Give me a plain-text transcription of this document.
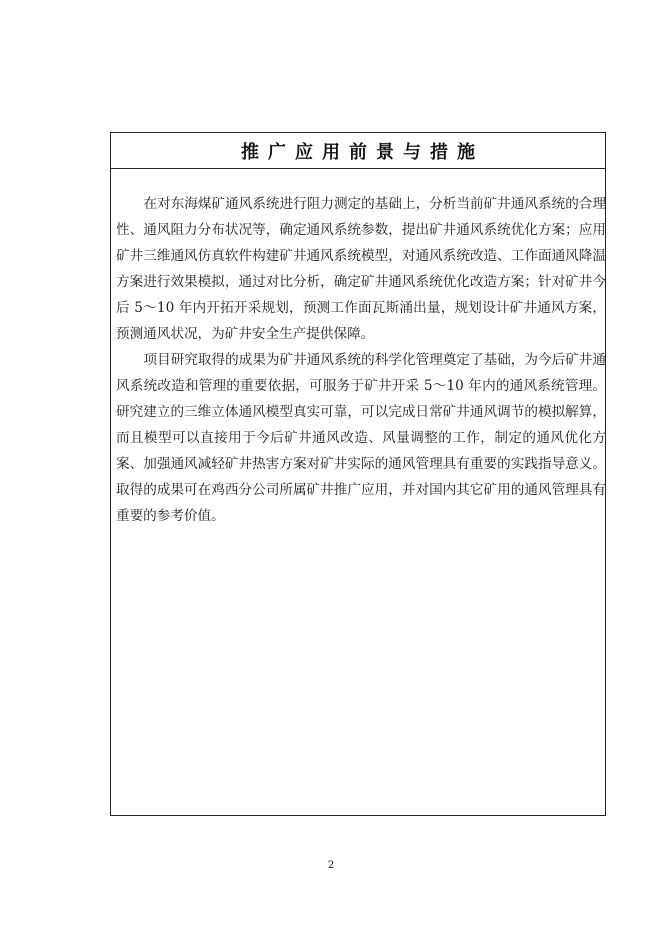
推广应用前景与措施

在对东海煤矿通风系统进行阻力测定的基础上，分析当前矿井通风系统的合理性、通风阻力分布状况等，确定通风系统参数，提出矿井通风系统优化方案；应用矿井三维通风仿真软件构建矿井通风系统模型，对通风系统改造、工作面通风降温方案进行效果模拟，通过对比分析，确定矿井通风系统优化改造方案；针对矿井今后 5～10 年内开拓开采规划，预测工作面瓦斯涌出量，规划设计矿井通风方案，预测通风状况，为矿井安全生产提供保障。

项目研究取得的成果为矿井通风系统的科学化管理奠定了基础，为今后矿井通风系统改造和管理的重要依据，可服务于矿井开采 5～10 年内的通风系统管理。研究建立的三维立体通风模型真实可靠，可以完成日常矿井通风调节的模拟解算，而且模型可以直接用于今后矿井通风改造、风量调整的工作，制定的通风优化方案、加强通风减轻矿井热害方案对矿井实际的通风管理具有重要的实践指导意义。取得的成果可在鸡西分公司所属矿井推广应用，并对国内其它矿用的通风管理具有重要的参考价值。

2
